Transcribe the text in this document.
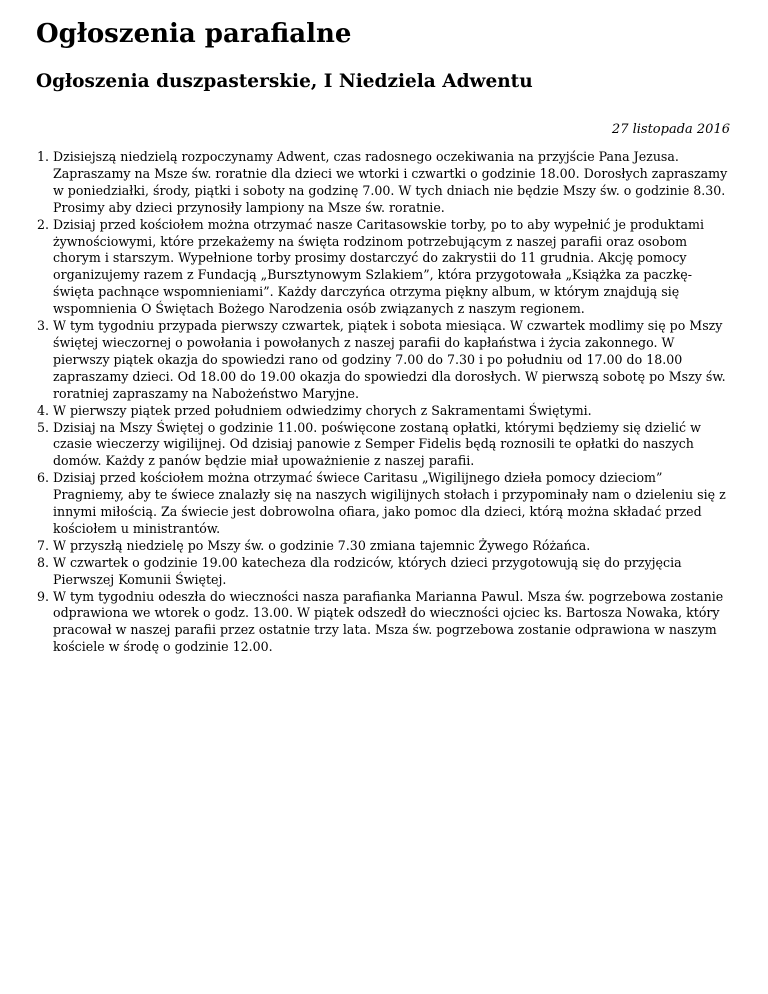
Ogłoszenia parafialne
Ogłoszenia duszpasterskie, I Niedziela Adwentu

27 listopada 2016

1. Dzisiejszą niedzielą rozpoczynamy Adwent, czas radosnego oczekiwania na przyjście Pana Jezusa. Zapraszamy na Msze św. roratnie dla dzieci we wtorki i czwartki o godzinie 18.00. Dorosłych zapraszamy w poniedziałki, środy, piątki i soboty na godzinę 7.00. W tych dniach nie będzie Mszy św. o godzinie 8.30. Prosimy aby dzieci przynosiły lampiony na Msze św. roratnie.
2. Dzisiaj przed kościołem można otrzymać nasze Caritasowskie torby, po to aby wypełnić je produktami żywnościowymi, które przekażemy na święta rodzinom potrzebującym z naszej parafii oraz osobom chorym i starszym. Wypełnione torby prosimy dostarczyć do zakrystii do 11 grudnia. Akcję pomocy organizujemy razem z Fundacją „Bursztynowym Szlakiem”, która przygotowała „Książka za paczkę-święta pachnące wspomnieniami”. Każdy darczyńca otrzyma piękny album, w którym znajdują się wspomnienia O Świętach Bożego Narodzenia osób związanych z naszym regionem.
3. W tym tygodniu przypada pierwszy czwartek, piątek i sobota miesiąca. W czwartek modlimy się po Mszy świętej wieczornej o powołania i powołanych z naszej parafii do kapłaństwa i życia zakonnego. W pierwszy piątek okazja do spowiedzi rano od godziny 7.00 do 7.30 i po południu od 17.00 do 18.00 zapraszamy dzieci. Od 18.00 do 19.00 okazja do spowiedzi dla dorosłych. W pierwszą sobotę po Mszy św. roratniej zapraszamy na Nabożeństwo Maryjne.
4. W pierwszy piątek przed południem odwiedzimy chorych z Sakramentami Świętymi.
5. Dzisiaj na Mszy Świętej o godzinie 11.00. poświęcone zostaną opłatki, którymi będziemy się dzielić w czasie wieczerzy wigilijnej. Od dzisiaj panowie z Semper Fidelis będą roznosili te opłatki do naszych domów. Każdy z panów będzie miał upoważnienie z naszej parafii.
6. Dzisiaj przed kościołem można otrzymać świece Caritasu „Wigilijnego dzieła pomocy dzieciom” Pragniemy, aby te świece znalazły się na naszych wigilijnych stołach i przypominały nam o dzieleniu się z innymi miłością. Za świecie jest dobrowolna ofiara, jako pomoc dla dzieci, którą można składać przed kościołem u ministrantów.
7. W przyszłą niedzielę po Mszy św. o godzinie 7.30 zmiana tajemnic Żywego Różańca.
8. W czwartek o godzinie 19.00 katecheza dla rodziców, których dzieci przygotowują się do przyjęcia Pierwszej Komunii Świętej.
9. W tym tygodniu odeszła do wieczności nasza parafianka Marianna Pawul. Msza św. pogrzebowa zostanie odprawiona we wtorek o godz. 13.00. W piątek odszedł do wieczności ojciec ks. Bartosza Nowaka, który pracował w naszej parafii przez ostatnie trzy lata. Msza św. pogrzebowa zostanie odprawiona w naszym kościele w środę o godzinie 12.00.
